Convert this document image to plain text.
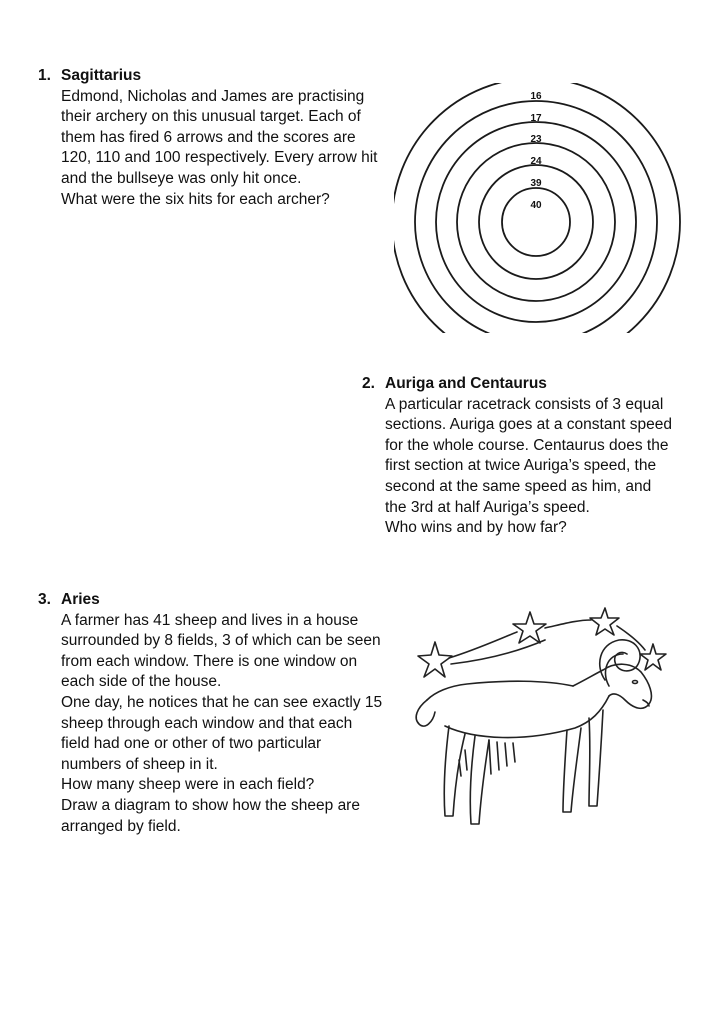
1. Sagittarius
Edmond, Nicholas and James are practising
their archery on this unusual target. Each of
them has fired 6 arrows and the scores are
120, 110 and 100 respectively. Every arrow hit
and the bullseye was only hit once.
What were the six hits for each archer?
16
17
23
24
39
40
2. Auriga and Centaurus
A particular racetrack consists of 3 equal
sections. Auriga goes at a constant speed
for the whole course. Centaurus does the
first section at twice Auriga’s speed, the
second at the same speed as him, and
the 3rd at half Auriga’s speed.
Who wins and by how far?
3. Aries
A farmer has 41 sheep and lives in a house
surrounded by 8 fields, 3 of which can be seen
from each window. There is one window on
each side of the house.
One day, he notices that he can see exactly 15
sheep through each window and that each
field had one or other of two particular
numbers of sheep in it.
How many sheep were in each field?
Draw a diagram to show how the sheep are
arranged by field.
